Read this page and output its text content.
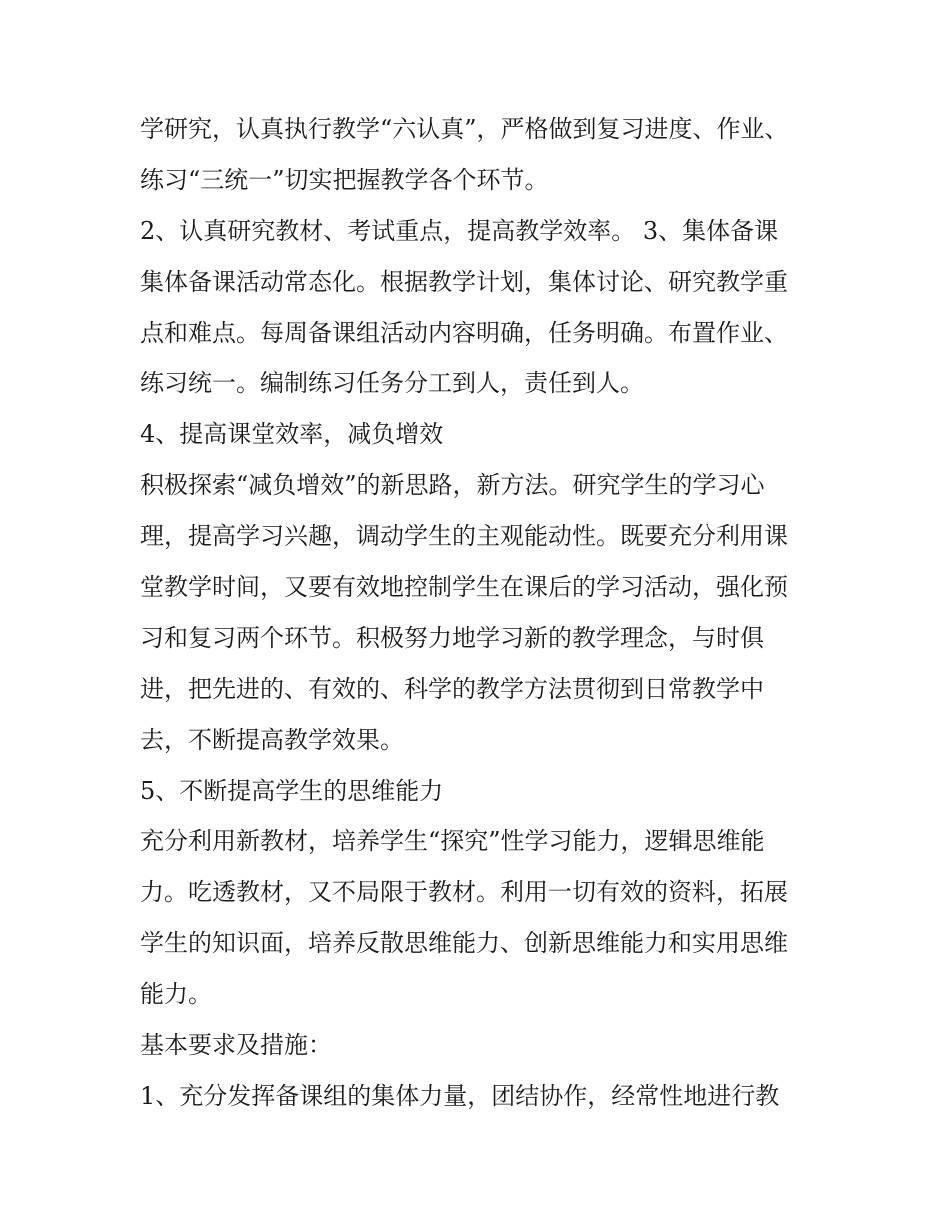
学研究，认真执行教学“六认真”，严格做到复习进度、作业、
练习“三统一”切实把握教学各个环节。
2、认真研究教材、考试重点，提高教学效率。 3、集体备课
集体备课活动常态化。根据教学计划，集体讨论、研究教学重
点和难点。每周备课组活动内容明确，任务明确。布置作业、
练习统一。编制练习任务分工到人，责任到人。
4、提高课堂效率，减负增效
积极探索“减负增效”的新思路，新方法。研究学生的学习心
理，提高学习兴趣，调动学生的主观能动性。既要充分利用课
堂教学时间，又要有效地控制学生在课后的学习活动，强化预
习和复习两个环节。积极努力地学习新的教学理念，与时俱
进，把先进的、有效的、科学的教学方法贯彻到日常教学中
去，不断提高教学效果。
5、不断提高学生的思维能力
充分利用新教材，培养学生“探究”性学习能力，逻辑思维能
力。吃透教材，又不局限于教材。利用一切有效的资料，拓展
学生的知识面，培养反散思维能力、创新思维能力和实用思维
能力。
基本要求及措施：
1、充分发挥备课组的集体力量，团结协作，经常性地进行教
